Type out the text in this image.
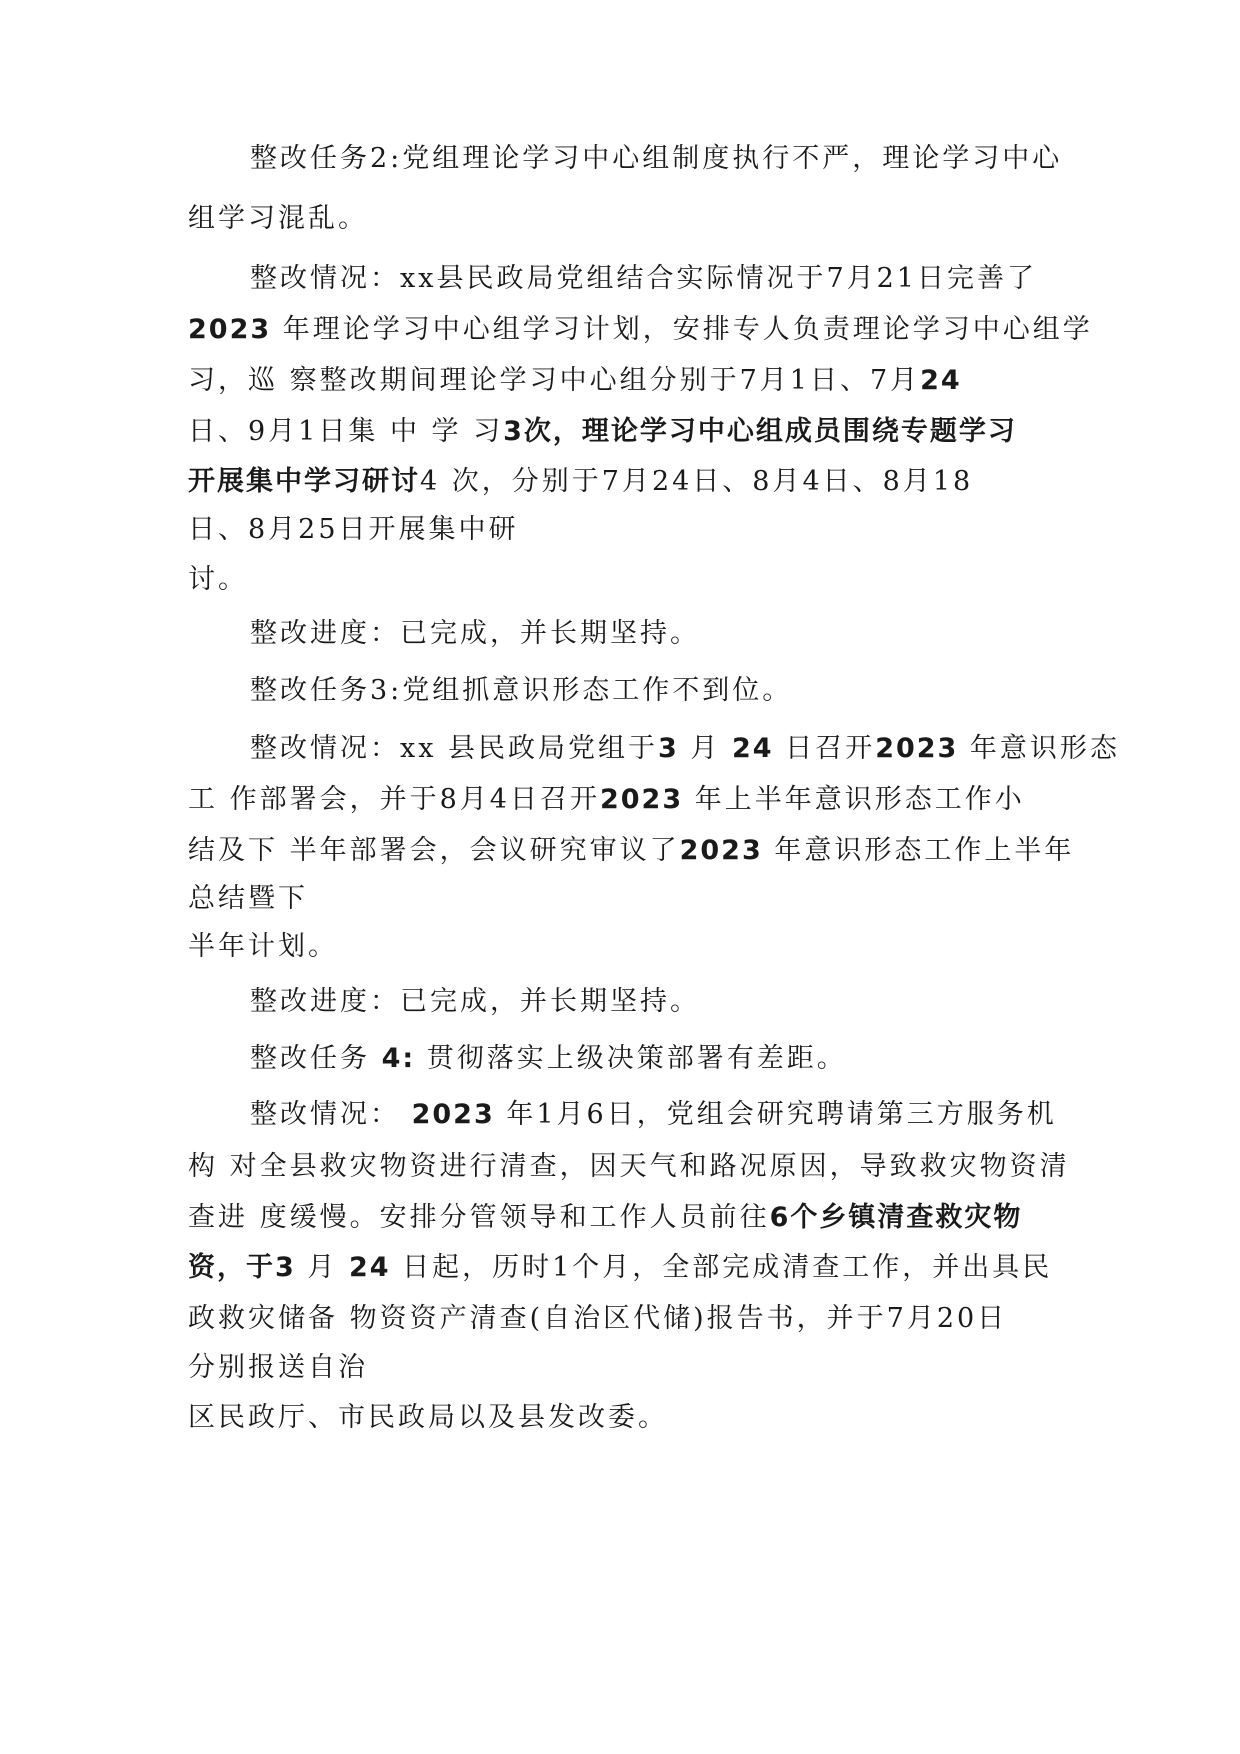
整改任务2:党组理论学习中心组制度执行不严，理论学习中心
组学习混乱。
整改情况：xx县民政局党组结合实际情况于7月21日完善了
2023 年理论学习中心组学习计划，安排专人负责理论学习中心组学
习，巡 察整改期间理论学习中心组分别于7月1日、7月24
日、9月1日集 中 学 习3次，理论学习中心组成员围绕专题学习
开展集中学习研讨4 次，分别于7月24日、8月4日、8月18
日、8月25日开展集中研
讨。
整改进度：已完成，并长期坚持。
整改任务3:党组抓意识形态工作不到位。
整改情况：xx 县民政局党组于3 月 24 日召开2023 年意识形态
工 作部署会，并于8月4日召开2023 年上半年意识形态工作小
结及下 半年部署会，会议研究审议了2023 年意识形态工作上半年
总结暨下
半年计划。
整改进度：已完成，并长期坚持。
整改任务 4: 贯彻落实上级决策部署有差距。
整改情况： 2023 年1月6日，党组会研究聘请第三方服务机
构 对全县救灾物资进行清查，因天气和路况原因，导致救灾物资清
查进 度缓慢。安排分管领导和工作人员前往6个乡镇清查救灾物
资，于3 月 24 日起，历时1个月，全部完成清查工作，并出具民
政救灾储备 物资资产清查(自治区代储)报告书，并于7月20日
分别报送自治
区民政厅、市民政局以及县发改委。
